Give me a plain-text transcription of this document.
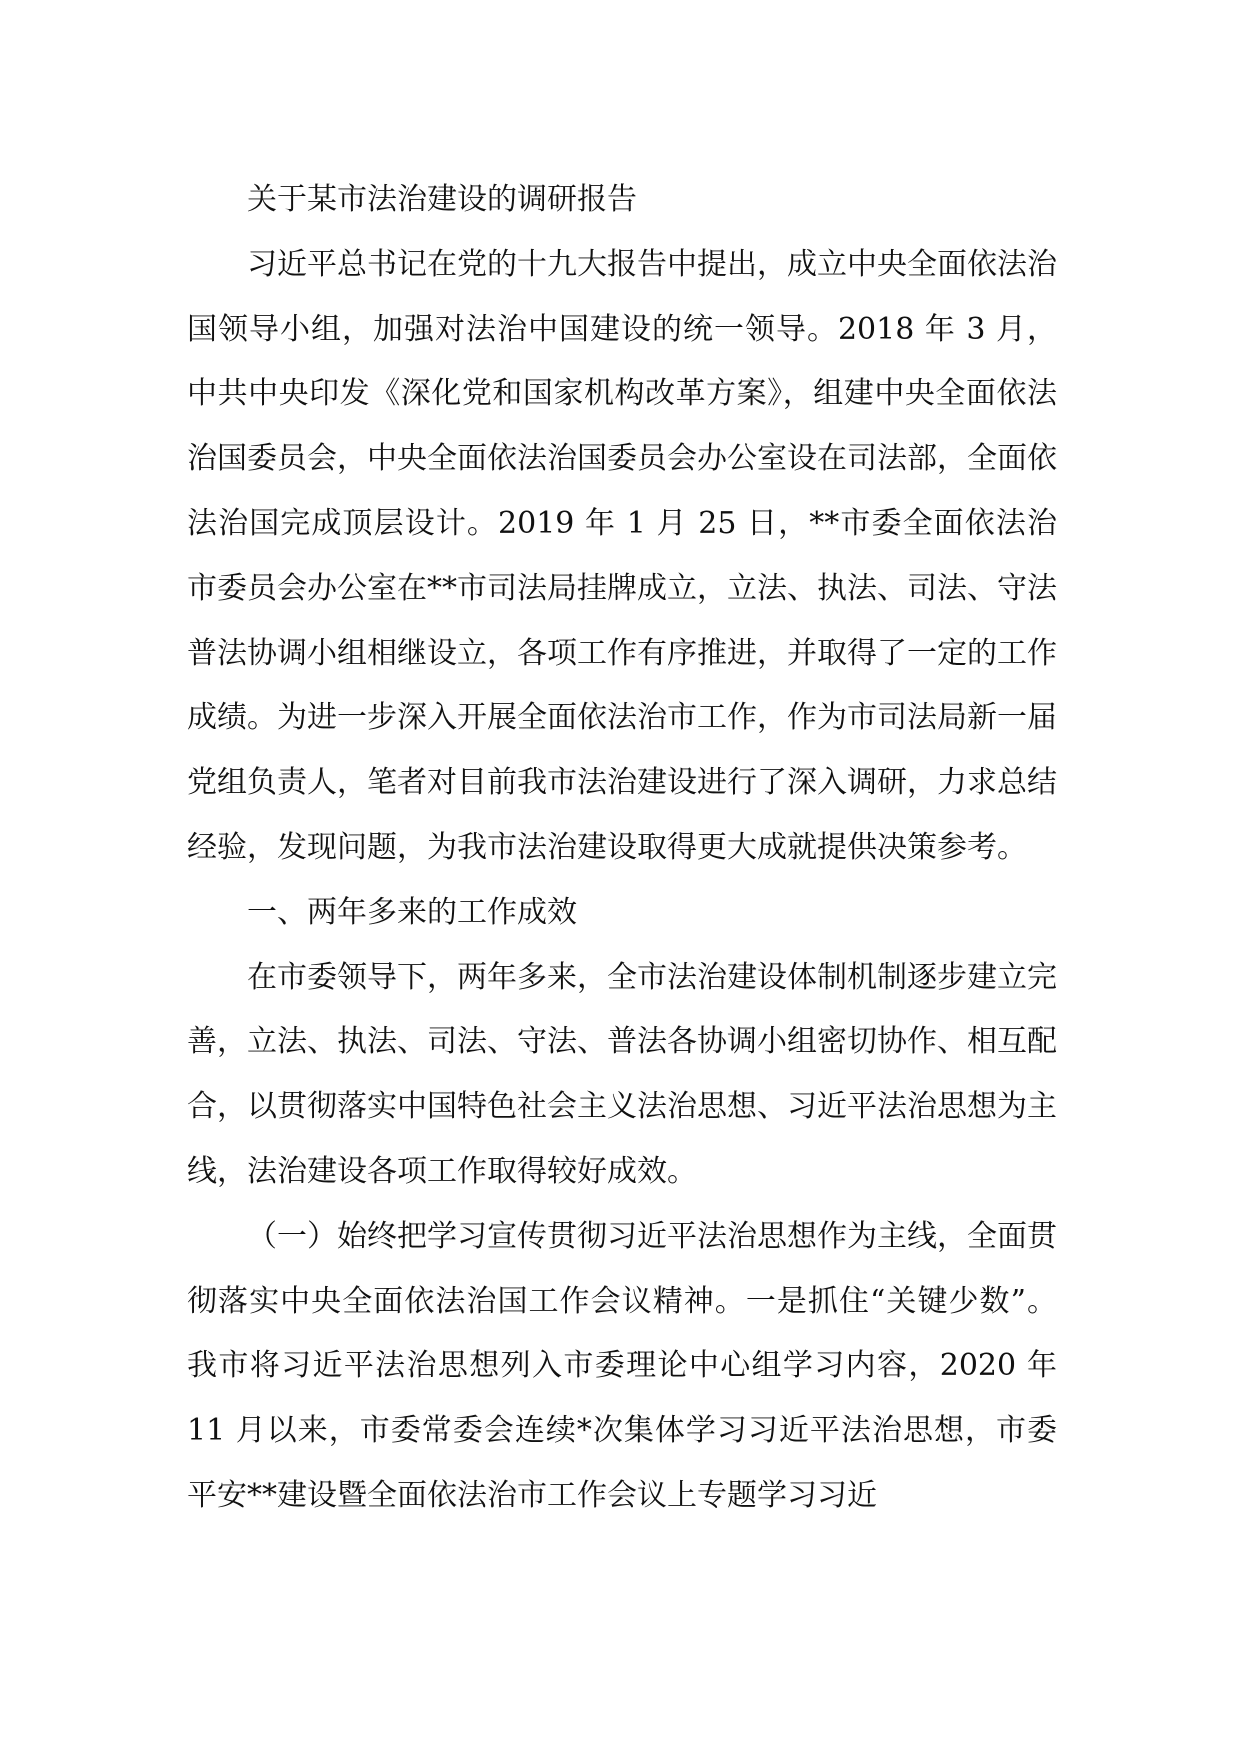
关于某市法治建设的调研报告

习近平总书记在党的十九大报告中提出，成立中央全面依法治国领导小组，加强对法治中国建设的统一领导。2018 年 3 月，中共中央印发《深化党和国家机构改革方案》，组建中央全面依法治国委员会，中央全面依法治国委员会办公室设在司法部，全面依法治国完成顶层设计。2019 年 1 月 25 日，**市委全面依法治市委员会办公室在**市司法局挂牌成立，立法、执法、司法、守法普法协调小组相继设立，各项工作有序推进，并取得了一定的工作成绩。为进一步深入开展全面依法治市工作，作为市司法局新一届党组负责人，笔者对目前我市法治建设进行了深入调研，力求总结经验，发现问题，为我市法治建设取得更大成就提供决策参考。

一、两年多来的工作成效

在市委领导下，两年多来，全市法治建设体制机制逐步建立完善，立法、执法、司法、守法、普法各协调小组密切协作、相互配合，以贯彻落实中国特色社会主义法治思想、习近平法治思想为主线，法治建设各项工作取得较好成效。

（一）始终把学习宣传贯彻习近平法治思想作为主线，全面贯彻落实中央全面依法治国工作会议精神。一是抓住“关键少数”。我市将习近平法治思想列入市委理论中心组学习内容，2020 年 11 月以来，市委常委会连续*次集体学习习近平法治思想，市委平安**建设暨全面依法治市工作会议上专题学习习近
